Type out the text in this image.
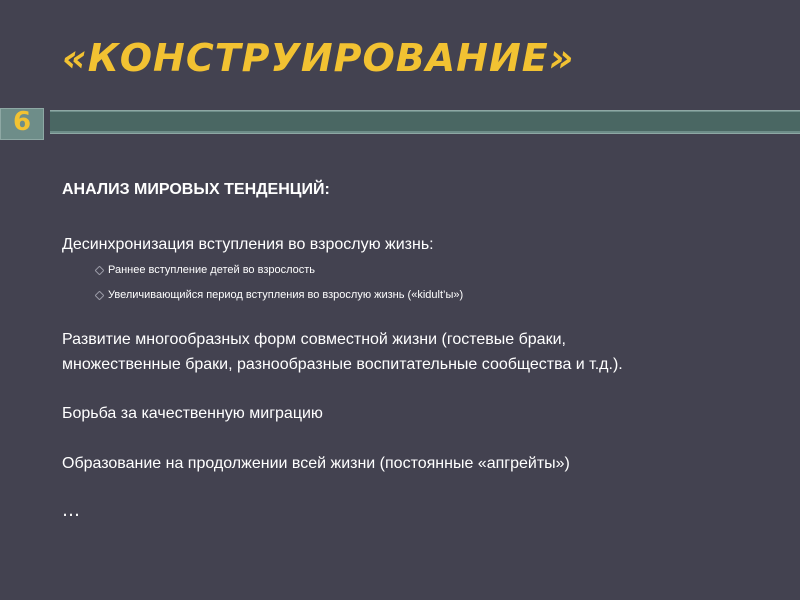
«КОНСТРУИРОВАНИЕ»
6
АНАЛИЗ МИРОВЫХ ТЕНДЕНЦИЙ:
Десинхронизация вступления во взрослую жизнь:
Раннее вступление детей во взрослость
Увеличивающийся период вступления во взрослую жизнь («kidult’ы»)
Развитие многообразных форм совместной жизни (гостевые браки,
множественные браки, разнообразные воспитательные сообщества и т.д.).
Борьба за качественную миграцию
Образование на продолжении всей жизни (постоянные «апгрейты»)
…
